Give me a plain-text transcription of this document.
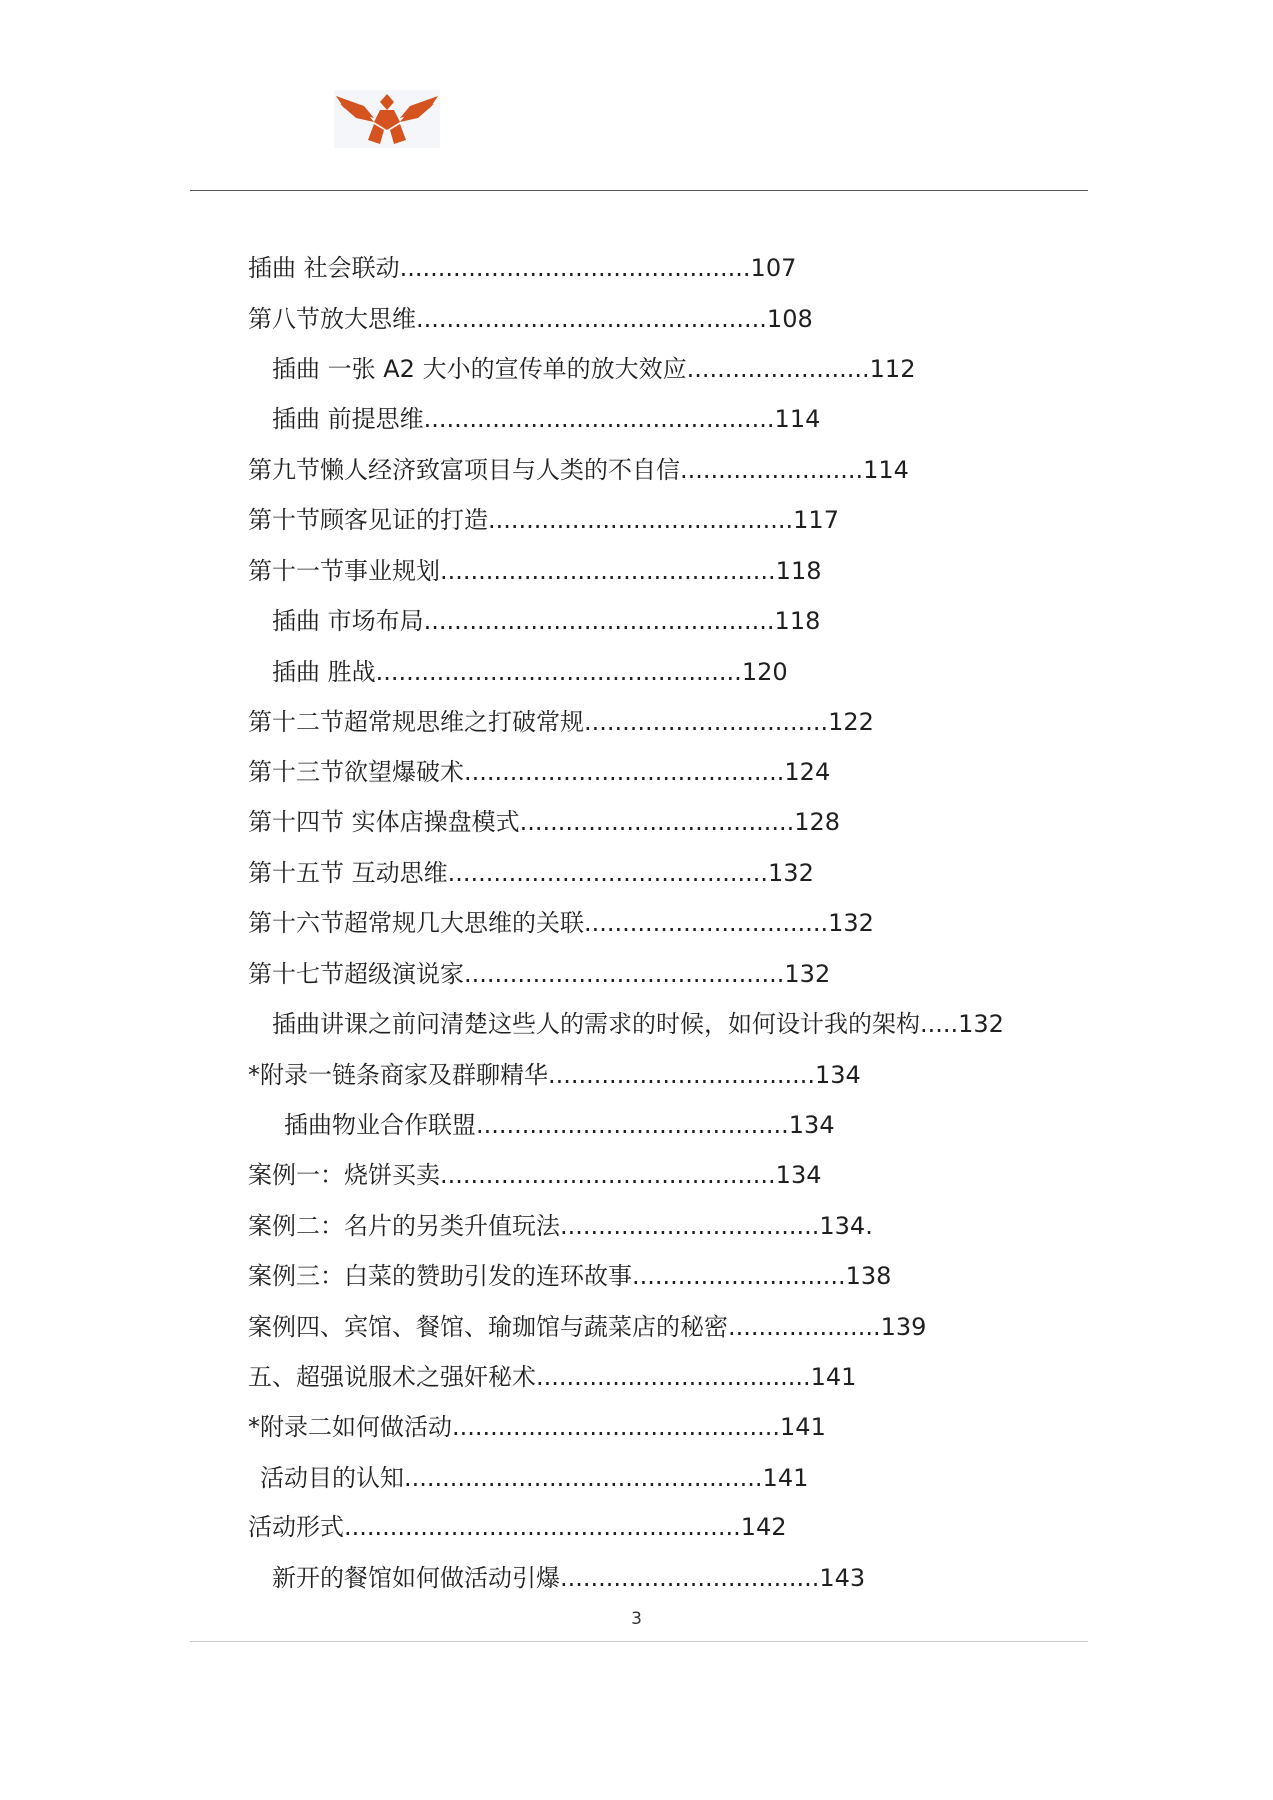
插曲 社会联动..............................................107
第八节放大思维..............................................108
插曲 一张 A2 大小的宣传单的放大效应........................112
插曲 前提思维..............................................114
第九节懒人经济致富项目与人类的不自信........................114
第十节顾客见证的打造........................................117
第十一节事业规划............................................118
插曲 市场布局..............................................118
插曲 胜战................................................120
第十二节超常规思维之打破常规................................122
第十三节欲望爆破术..........................................124
第十四节 实体店操盘模式....................................128
第十五节 互动思维..........................................132
第十六节超常规几大思维的关联................................132
第十七节超级演说家..........................................132
插曲讲课之前问清楚这些人的需求的时候，如何设计我的架构.....132
*附录一链条商家及群聊精华...................................134
插曲物业合作联盟.........................................134
案例一：烧饼买卖............................................134
案例二：名片的另类升值玩法..................................134.
案例三：白菜的赞助引发的连环故事............................138
案例四、宾馆、餐馆、瑜珈馆与蔬菜店的秘密....................139
五、超强说服术之强奸秘术....................................141
*附录二如何做活动...........................................141
活动目的认知...............................................141
活动形式....................................................142
新开的餐馆如何做活动引爆..................................143
3
